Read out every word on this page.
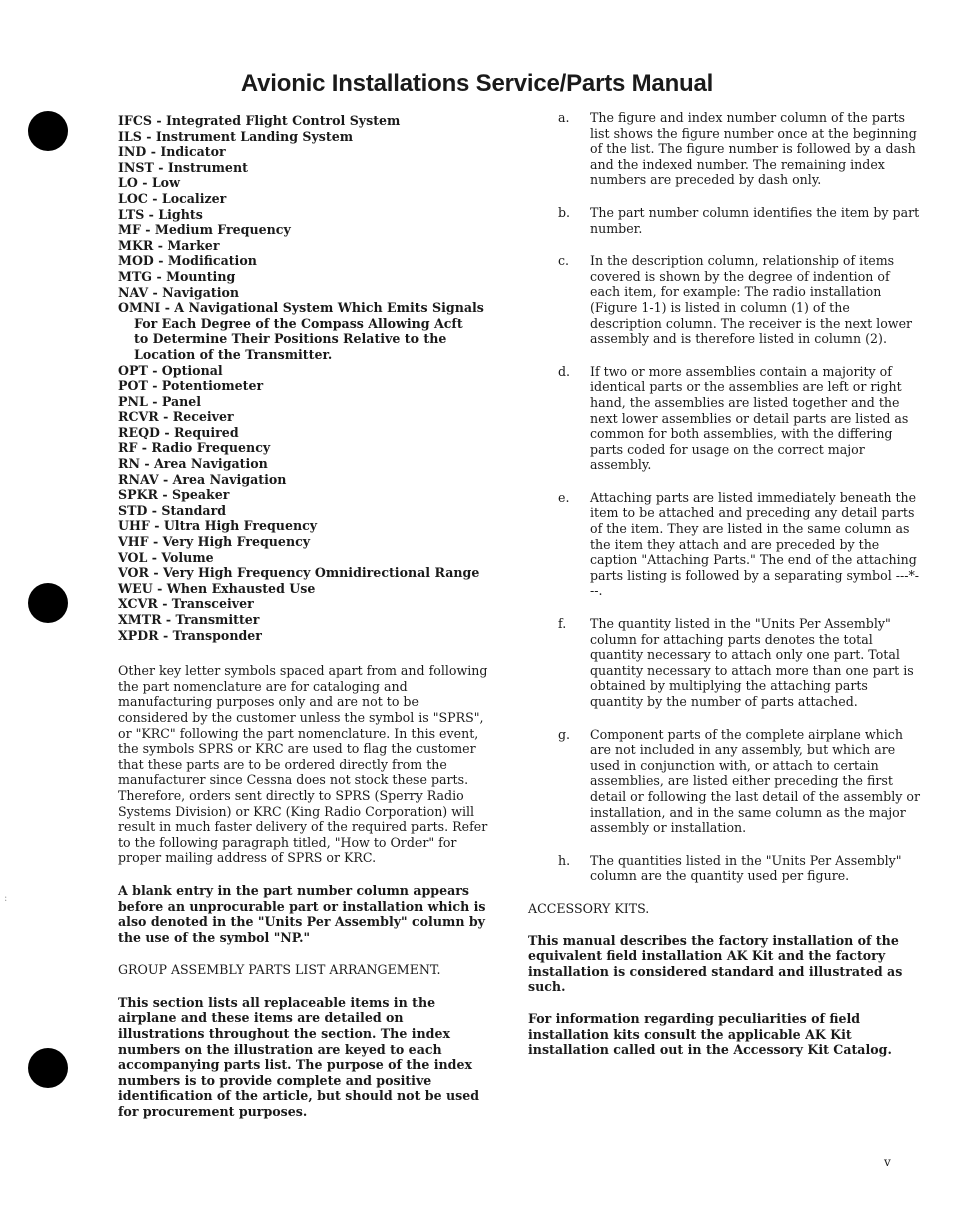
Avionic Installations Service/Parts Manual
:
IFCS - Integrated Flight Control System
ILS - Instrument Landing System
IND - Indicator
INST - Instrument
LO - Low
LOC - Localizer
LTS - Lights
MF - Medium Frequency
MKR - Marker
MOD - Modification
MTG - Mounting
NAV - Navigation
OMNI - A Navigational System Which Emits Signals
For Each Degree of the Compass Allowing Acft
to Determine Their Positions Relative to the
Location of the Transmitter.
OPT - Optional
POT - Potentiometer
PNL - Panel
RCVR - Receiver
REQD - Required
RF - Radio Frequency
RN - Area Navigation
RNAV - Area Navigation
SPKR - Speaker
STD - Standard
UHF - Ultra High Frequency
VHF - Very High Frequency
VOL - Volume
VOR - Very High Frequency Omnidirectional Range
WEU - When Exhausted Use
XCVR - Transceiver
XMTR - Transmitter
XPDR - Transponder
Other key letter symbols spaced apart from and following the part nomenclature are for cataloging and manufacturing purposes only and are not to be considered by the customer unless the symbol is "SPRS", or "KRC" following the part nomenclature. In this event, the symbols SPRS or KRC are used to flag the customer that these parts are to be ordered directly from the manufacturer since Cessna does not stock these parts. Therefore, orders sent directly to SPRS (Sperry Radio Systems Division) or KRC (King Radio Corporation) will result in much faster delivery of the required parts. Refer to the following paragraph titled, "How to Order" for proper mailing address of SPRS or KRC.
A blank entry in the part number column appears before an unprocurable part or installation which is also denoted in the "Units Per Assembly" column by the use of the symbol "NP."
GROUP ASSEMBLY PARTS LIST ARRANGEMENT.
This section lists all replaceable items in the airplane and these items are detailed on illustrations throughout the section. The index numbers on the illustration are keyed to each accompanying parts list. The purpose of the index numbers is to provide complete and positive identification of the article, but should not be used for procurement purposes.
a. The figure and index number column of the parts list shows the figure number once at the beginning of the list. The figure number is followed by a dash and the indexed number. The remaining index numbers are preceded by dash only.
b. The part number column identifies the item by part number.
c. In the description column, relationship of items covered is shown by the degree of indention of each item, for example: The radio installation (Figure 1-1) is listed in column (1) of the description column. The receiver is the next lower assembly and is therefore listed in column (2).
d. If two or more assemblies contain a majority of identical parts or the assemblies are left or right hand, the assemblies are listed together and the next lower assemblies or detail parts are listed as common for both assemblies, with the differing parts coded for usage on the correct major assembly.
e. Attaching parts are listed immediately beneath the item to be attached and preceding any detail parts of the item. They are listed in the same column as the item they attach and are preceded by the caption "Attaching Parts." The end of the attaching parts listing is followed by a separating symbol ---*---.
f. The quantity listed in the "Units Per Assembly" column for attaching parts denotes the total quantity necessary to attach only one part. Total quantity necessary to attach more than one part is obtained by multiplying the attaching parts quantity by the number of parts attached.
g. Component parts of the complete airplane which are not included in any assembly, but which are used in conjunction with, or attach to certain assemblies, are listed either preceding the first detail or following the last detail of the assembly or installation, and in the same column as the major assembly or installation.
h. The quantities listed in the "Units Per Assembly" column are the quantity used per figure.
ACCESSORY KITS.
This manual describes the factory installation of the equivalent field installation AK Kit and the factory installation is considered standard and illustrated as such.
For information regarding peculiarities of field installation kits consult the applicable AK Kit installation called out in the Accessory Kit Catalog.
v
